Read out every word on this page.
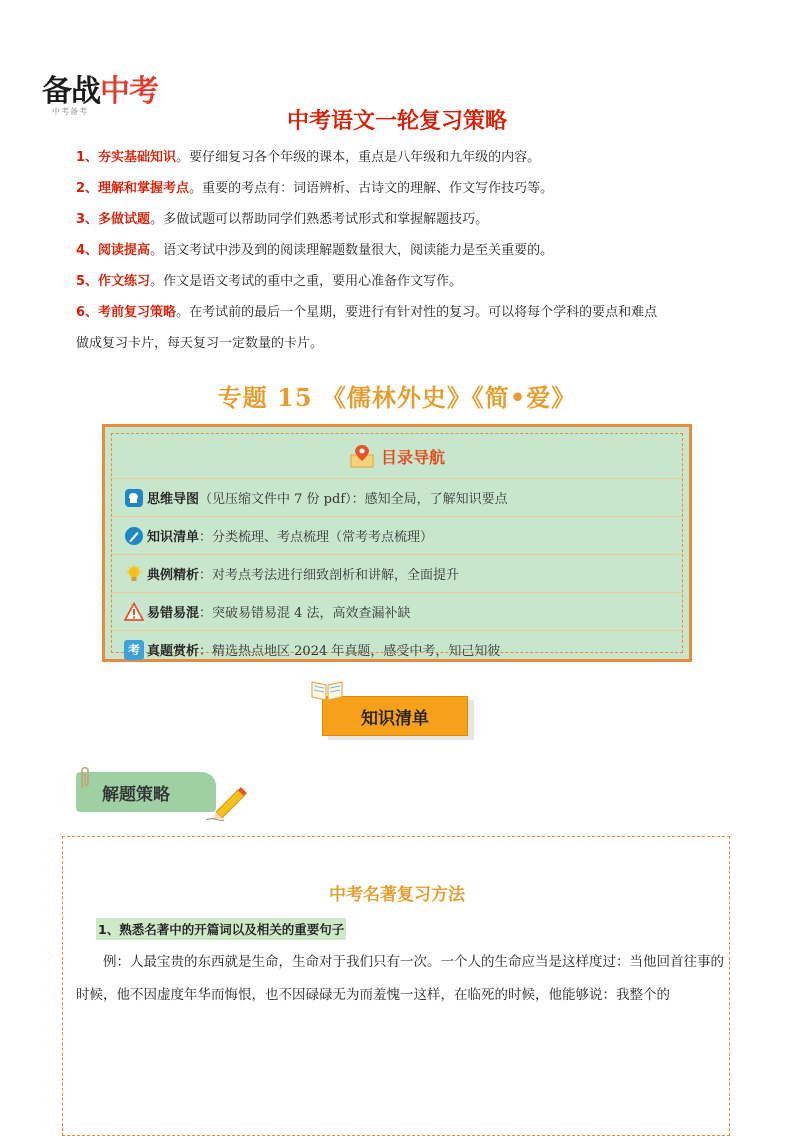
备战中考
中考备考	中考语文一轮复习策略

1、夯实基础知识。要仔细复习各个年级的课本，重点是八年级和九年级的内容。

2、理解和掌握考点。重要的考点有：词语辨析、古诗文的理解、作文写作技巧等。

3、多做试题。多做试题可以帮助同学们熟悉考试形式和掌握解题技巧。

4、阅读提高。语文考试中涉及到的阅读理解题数量很大，阅读能力是至关重要的。

5、作文练习。作文是语文考试的重中之重，要用心准备作文写作。

6、考前复习策略。在考试前的最后一个星期，要进行有针对性的复习。可以将每个学科的要点和难点

做成复习卡片，每天复习一定数量的卡片。

专题 15 《儒林外史》《简•爱》
目录导航
思维导图 （见压缩文件中 7 份 pdf）：感知全局，了解知识要点
知识清单 ：分类梳理、考点梳理（常考考点梳理）
典例精析 ：对考点考法进行细致剖析和讲解，全面提升
易错易混 ：突破易错易混 4 法，高效查漏补缺
考 真题赏析 ：精选热点地区 2024 年真题，感受中考，知己知彼
知识清单
解题策略
中考名著复习方法
1、熟悉名著中的开篇词以及相关的重要句子
例：人最宝贵的东西就是生命，生命对于我们只有一次。一个人的生命应当是这样度过：当他回首往事的时候，他不因虚度年华而悔恨，也不因碌碌无为而羞愧一这样，在临死的时候，他能够说：我整个的
